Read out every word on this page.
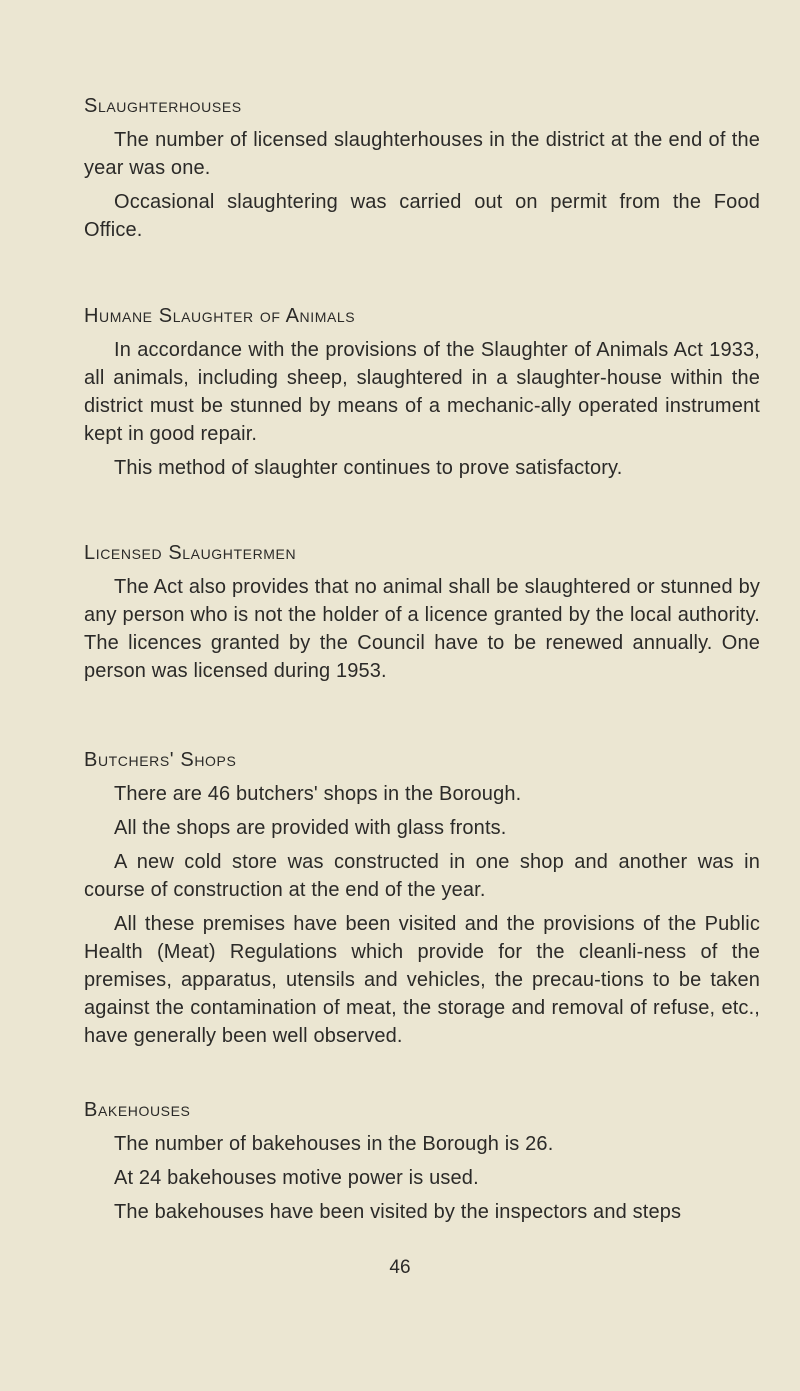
Slaughterhouses

The number of licensed slaughterhouses in the district at the end of the year was one.

Occasional slaughtering was carried out on permit from the Food Office.

Humane Slaughter of Animals

In accordance with the provisions of the Slaughter of Animals Act 1933, all animals, including sheep, slaughtered in a slaughter-house within the district must be stunned by means of a mechanic-ally operated instrument kept in good repair.

This method of slaughter continues to prove satisfactory.

Licensed Slaughtermen

The Act also provides that no animal shall be slaughtered or stunned by any person who is not the holder of a licence granted by the local authority. The licences granted by the Council have to be renewed annually. One person was licensed during 1953.

Butchers' Shops

There are 46 butchers' shops in the Borough.

All the shops are provided with glass fronts.

A new cold store was constructed in one shop and another was in course of construction at the end of the year.

All these premises have been visited and the provisions of the Public Health (Meat) Regulations which provide for the cleanli-ness of the premises, apparatus, utensils and vehicles, the precau-tions to be taken against the contamination of meat, the storage and removal of refuse, etc., have generally been well observed.

Bakehouses

The number of bakehouses in the Borough is 26.

At 24 bakehouses motive power is used.

The bakehouses have been visited by the inspectors and steps

46
